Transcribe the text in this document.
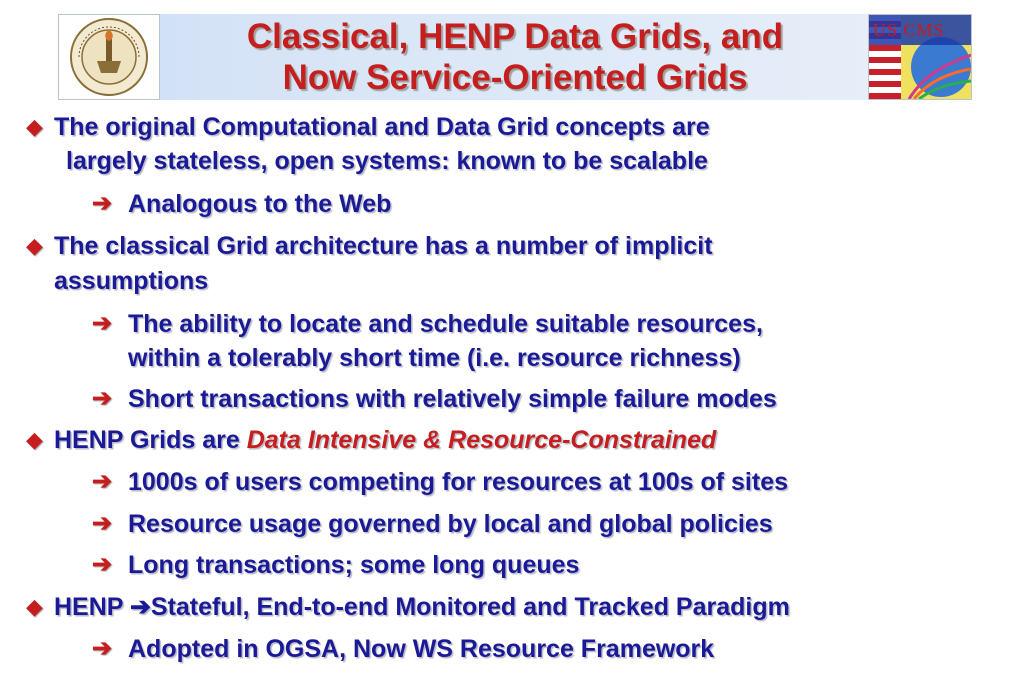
US CMS
Classical, HENP Data Grids, and
Now Service-Oriented Grids
◆ The original Computational and Data Grid concepts are
largely stateless, open systems: known to be scalable
➔ Analogous to the Web
◆ The classical Grid architecture has a number of implicit
assumptions
➔ The ability to locate and schedule suitable resources,
within a tolerably short time (i.e. resource richness)
➔ Short transactions with relatively simple failure modes
◆ HENP Grids are Data Intensive & Resource-Constrained
➔ 1000s of users competing for resources at 100s of sites
➔ Resource usage governed by local and global policies
➔ Long transactions; some long queues
◆ HENP ➔Stateful, End-to-end Monitored and Tracked Paradigm
➔ Adopted in OGSA, Now WS Resource Framework
